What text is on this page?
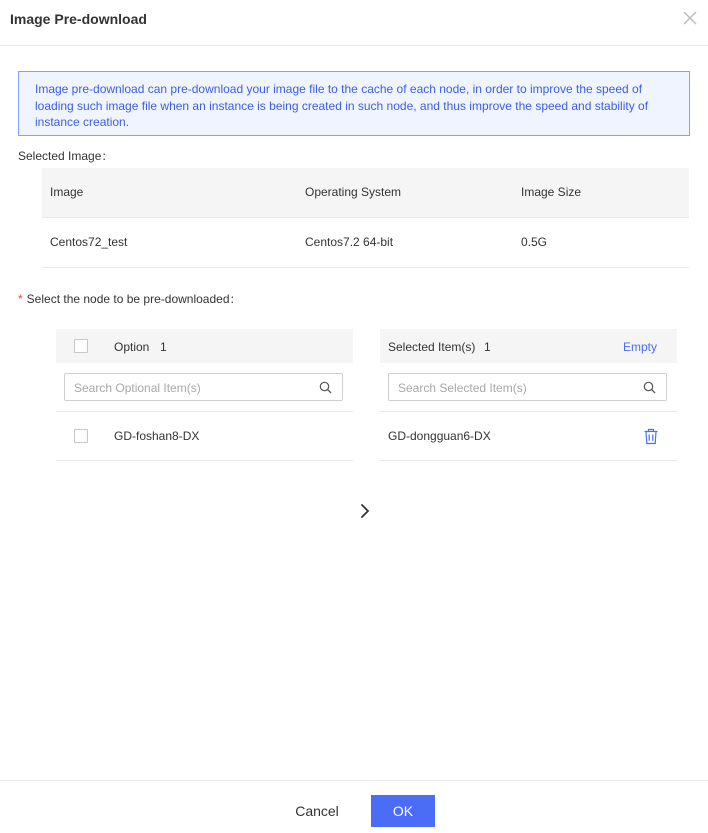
Image Pre-download
Image pre-download can pre-download your image file to the cache of each node, in order to improve the speed of loading such image file when an instance is being created in such node, and thus improve the speed and stability of instance creation.
Selected Image：
Image	Operating System	Image Size
Centos72_test	Centos7.2 64-bit	0.5G
* Select the node to be pre-downloaded：
Option 1
Search Optional Item(s)
GD-foshan8-DX
Selected Item(s) 1	Empty
Search Selected Item(s)
GD-dongguan6-DX
Cancel	OK
